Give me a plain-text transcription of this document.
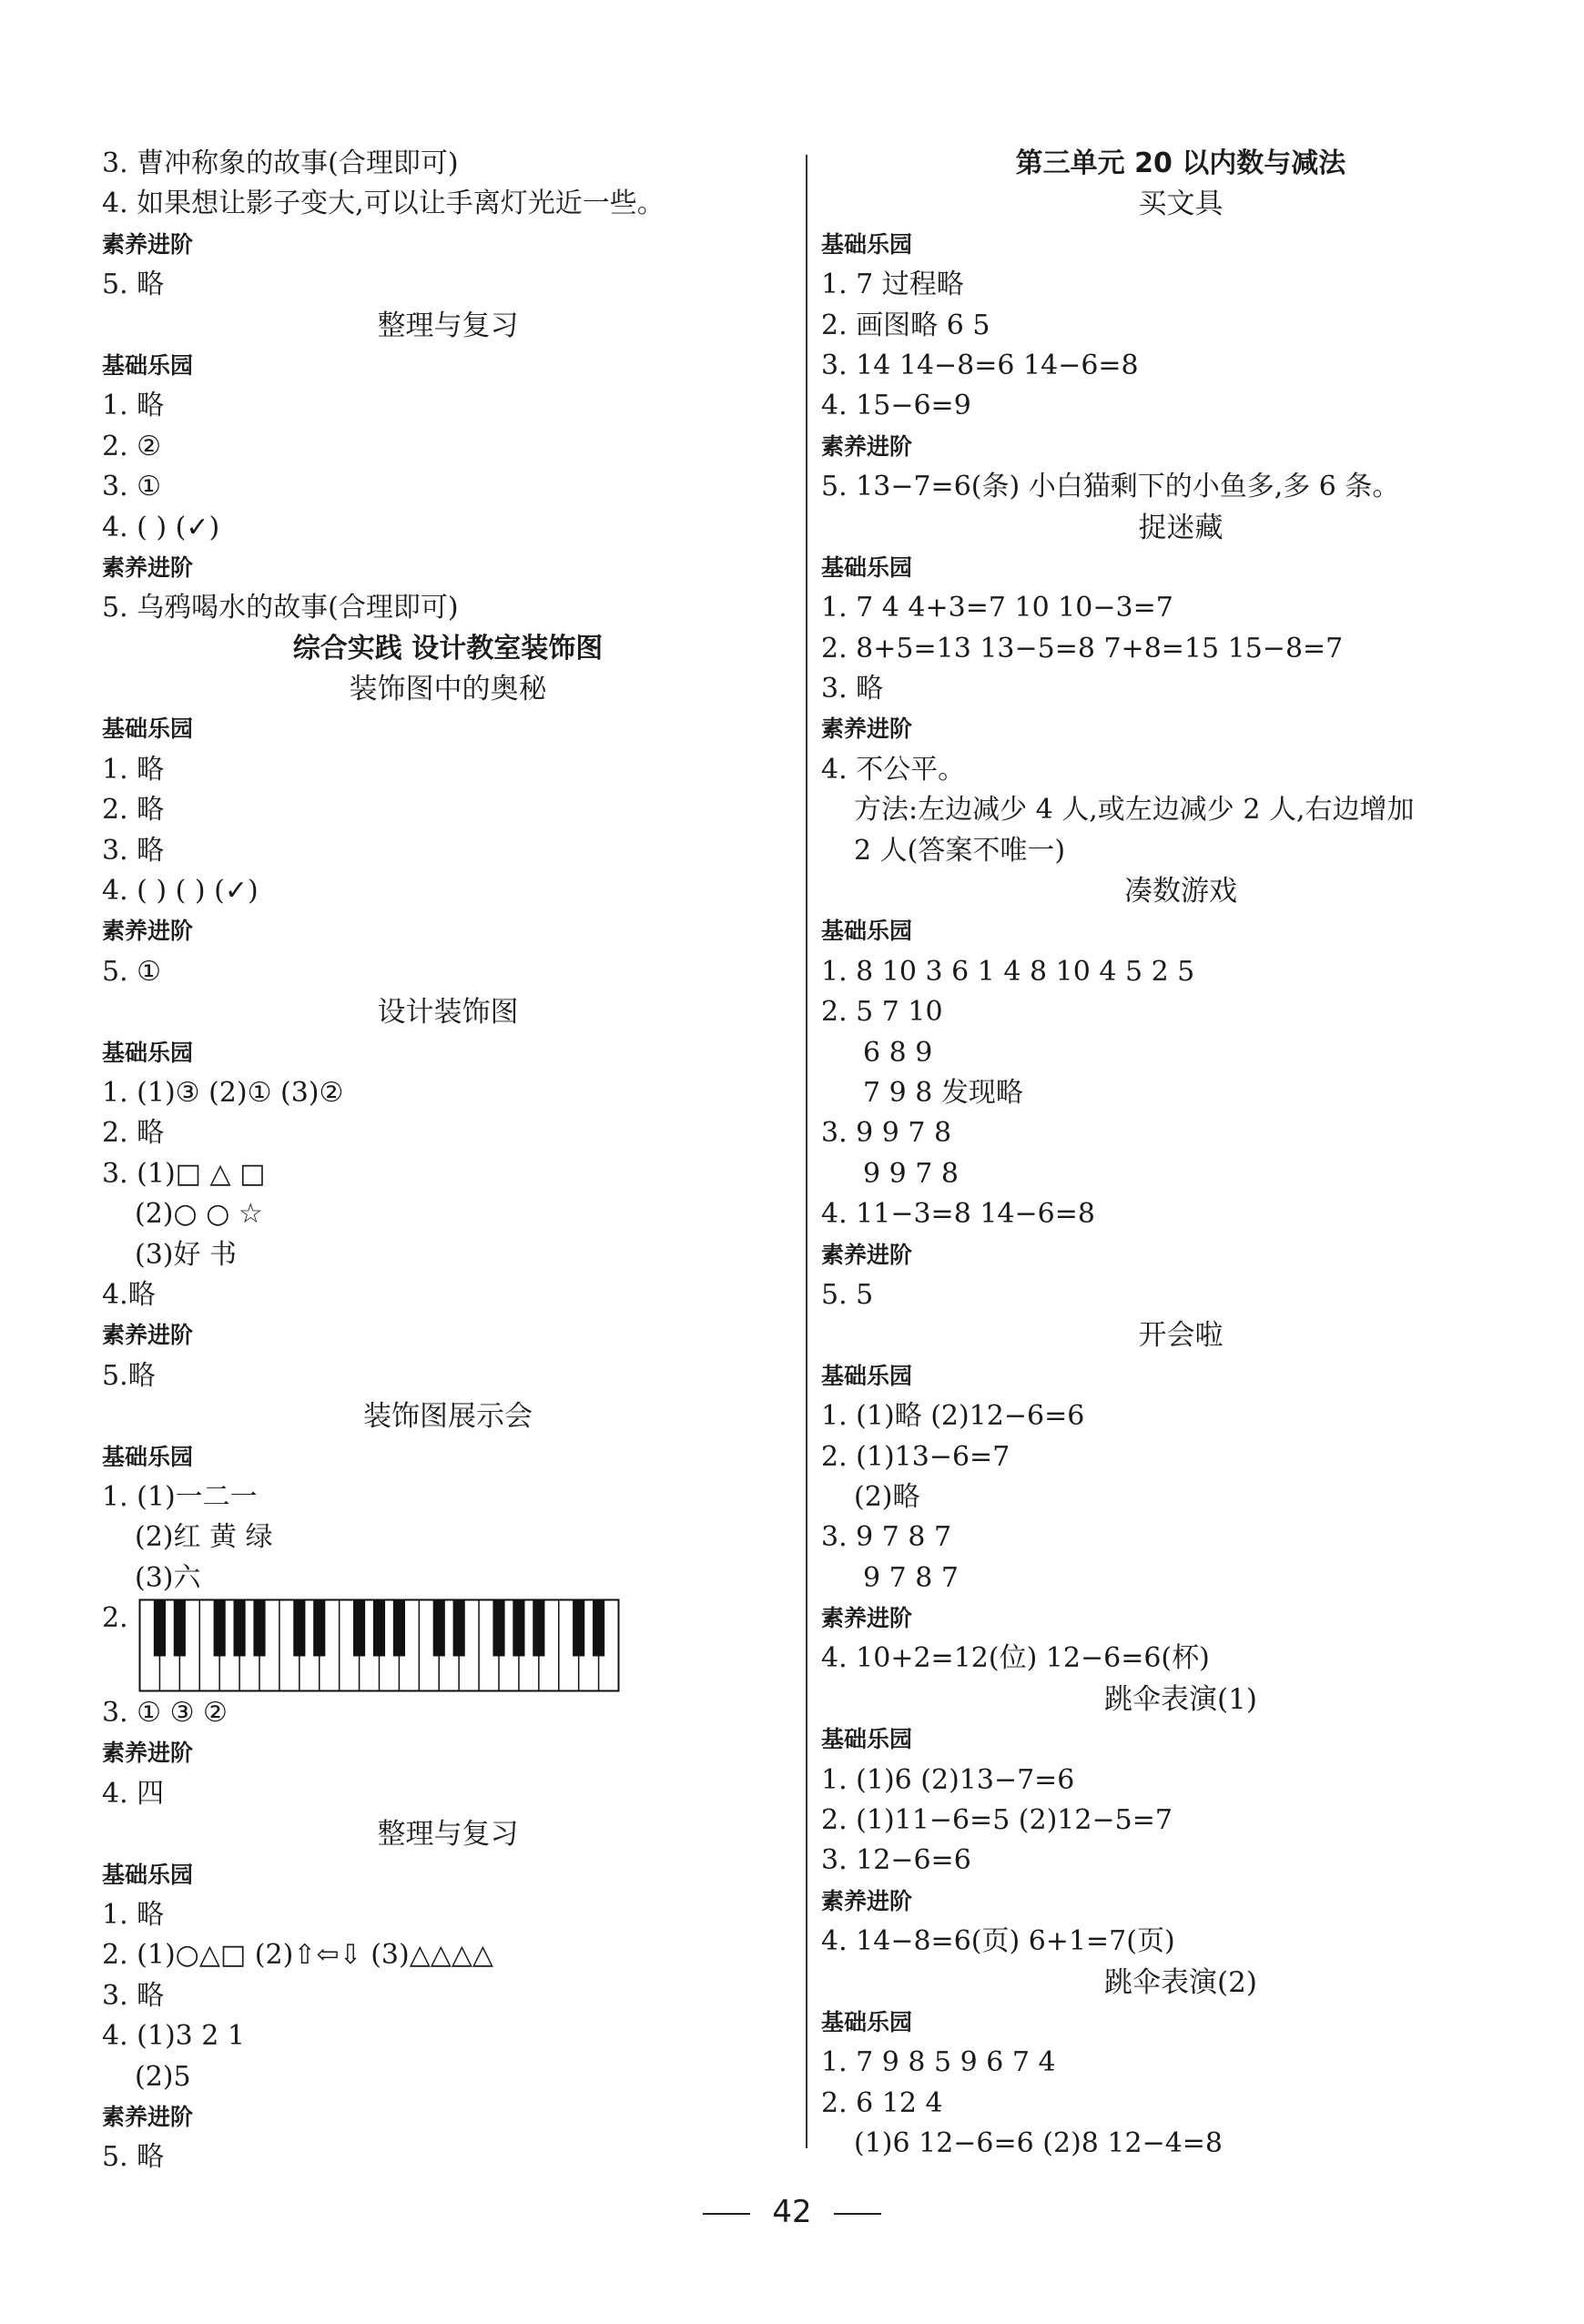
3. 曹冲称象的故事(合理即可)
4. 如果想让影子变大,可以让手离灯光近一些。
素养进阶
5. 略
整理与复习
基础乐园
1. 略
2. ②
3. ①
4. ( ) (✓)
素养进阶
5. 乌鸦喝水的故事(合理即可)
综合实践 设计教室装饰图
装饰图中的奥秘
基础乐园
1. 略
2. 略
3. 略
4. ( ) ( ) (✓)
素养进阶
5. ①
设计装饰图
基础乐园
1. (1)③ (2)① (3)②
2. 略
3. (1)□ △ □
(2)○ ○ ☆
(3)好 书
4.略
素养进阶
5.略
装饰图展示会
基础乐园
1. (1)一二一
(2)红 黄 绿
(3)六
2.
3. ① ③ ②
素养进阶
4. 四
整理与复习
基础乐园
1. 略
2. (1)○△□ (2)⇧⇦⇩ (3)△△△△
3. 略
4. (1)3 2 1
(2)5
素养进阶
5. 略
第三单元 20 以内数与减法
买文具
基础乐园
1. 7 过程略
2. 画图略 6 5
3. 14 14−8=6 14−6=8
4. 15−6=9
素养进阶
5. 13−7=6(条) 小白猫剩下的小鱼多,多 6 条。
捉迷藏
基础乐园
1. 7 4 4+3=7 10 10−3=7
2. 8+5=13 13−5=8 7+8=15 15−8=7
3. 略
素养进阶
4. 不公平。
方法:左边减少 4 人,或左边减少 2 人,右边增加
2 人(答案不唯一)
凑数游戏
基础乐园
1. 8 10 3 6 1 4 8 10 4 5 2 5
2. 5 7 10
6 8 9
7 9 8 发现略
3. 9 9 7 8
9 9 7 8
4. 11−3=8 14−6=8
素养进阶
5. 5
开会啦
基础乐园
1. (1)略 (2)12−6=6
2. (1)13−6=7
(2)略
3. 9 7 8 7
9 7 8 7
素养进阶
4. 10+2=12(位) 12−6=6(杯)
跳伞表演(1)
基础乐园
1. (1)6 (2)13−7=6
2. (1)11−6=5 (2)12−5=7
3. 12−6=6
素养进阶
4. 14−8=6(页) 6+1=7(页)
跳伞表演(2)
基础乐园
1. 7 9 8 5 9 6 7 4
2. 6 12 4
(1)6 12−6=6 (2)8 12−4=8
42
